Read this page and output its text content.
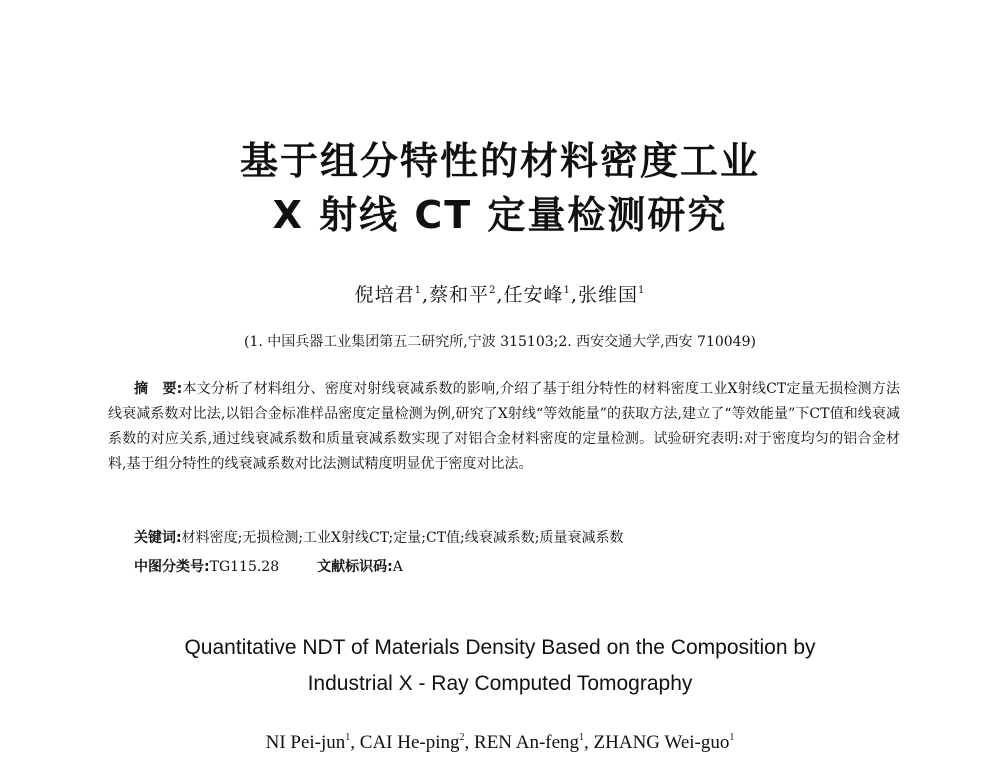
基于组分特性的材料密度工业
X 射线 CT 定量检测研究
倪培君$^1$,蔡和平$^2$,任安峰$^1$,张维国$^1$
(1. 中国兵器工业集团第五二研究所,宁波 315103;2. 西安交通大学,西安 710049)
摘　要:本文分析了材料组分、密度对射线衰减系数的影响,介绍了基于组分特性的材料密度工业X射线CT定量无损检测方法　线衰减系数对比法,以铝合金标准样品密度定量检测为例,研究了X射线“等效能量”的获取方法,建立了“等效能量”下CT值和线衰减系数的对应关系,通过线衰减系数和质量衰减系数实现了对铝合金材料密度的定量检测。试验研究表明:对于密度均匀的铝合金材料,基于组分特性的线衰减系数对比法测试精度明显优于密度对比法。
关键词:材料密度;无损检测;工业X射线CT;定量;CT值;线衰减系数;质量衰减系数
中图分类号:TG115.28	文献标识码:A
Quantitative NDT of Materials Density Based on the Composition by
Industrial X - Ray Computed Tomography
NI Pei-jun$^1$, CAI He-ping$^2$, REN An-feng$^1$, ZHANG Wei-guo$^1$
